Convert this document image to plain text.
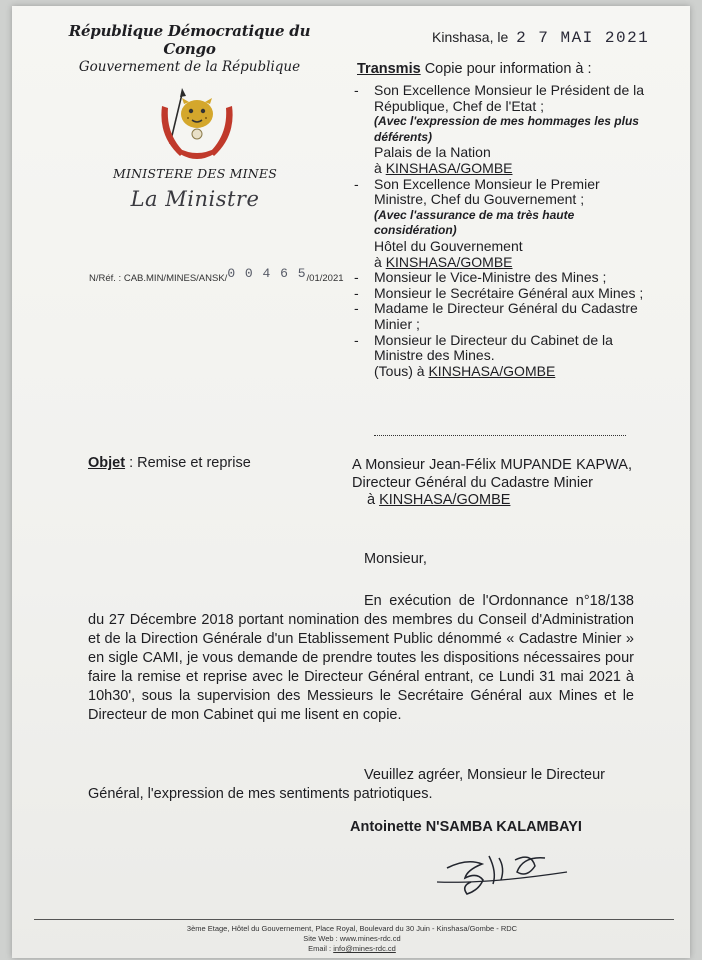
République Démocratique du Congo
Gouvernement de la République
MINISTERE DES MINES
La Ministre
N/Réf. : CAB.MIN/MINES/ANSK/0 0 4 6 5/01/2021
Kinshasa, le 2 7 MAI 2021
Transmis Copie pour information à :
- Son Excellence Monsieur le Président de la République, Chef de l'Etat ;
(Avec l'expression de mes hommages les plus déférents)
Palais de la Nation
à KINSHASA/GOMBE
- Son Excellence Monsieur le Premier Ministre, Chef du Gouvernement ;
(Avec l'assurance de ma très haute considération)
Hôtel du Gouvernement
à KINSHASA/GOMBE
- Monsieur le Vice-Ministre des Mines ;
- Monsieur le Secrétaire Général aux Mines ;
- Madame le Directeur Général du Cadastre Minier ;
- Monsieur le Directeur du Cabinet de la Ministre des Mines.
(Tous) à KINSHASA/GOMBE
Objet : Remise et reprise	A Monsieur Jean-Félix MUPANDE KAPWA, Directeur Général du Cadastre Minier
à KINSHASA/GOMBE
Monsieur,
En exécution de l'Ordonnance n°18/138 du 27 Décembre 2018 portant nomination des membres du Conseil d'Administration et de la Direction Générale d'un Etablissement Public dénommé « Cadastre Minier » en sigle CAMI, je vous demande de prendre toutes les dispositions nécessaires pour faire la remise et reprise avec le Directeur Général entrant, ce Lundi 31 mai 2021 à 10h30', sous la supervision des Messieurs le Secrétaire Général aux Mines et le Directeur de mon Cabinet qui me lisent en copie.
Veuillez agréer, Monsieur le Directeur
Général, l'expression de mes sentiments patriotiques.
Antoinette N'SAMBA KALAMBAYI
3ème Etage, Hôtel du Gouvernement, Place Royal, Boulevard du 30 Juin - Kinshasa/Gombe - RDC
Site Web : www.mines-rdc.cd
Email : info@mines-rdc.cd
